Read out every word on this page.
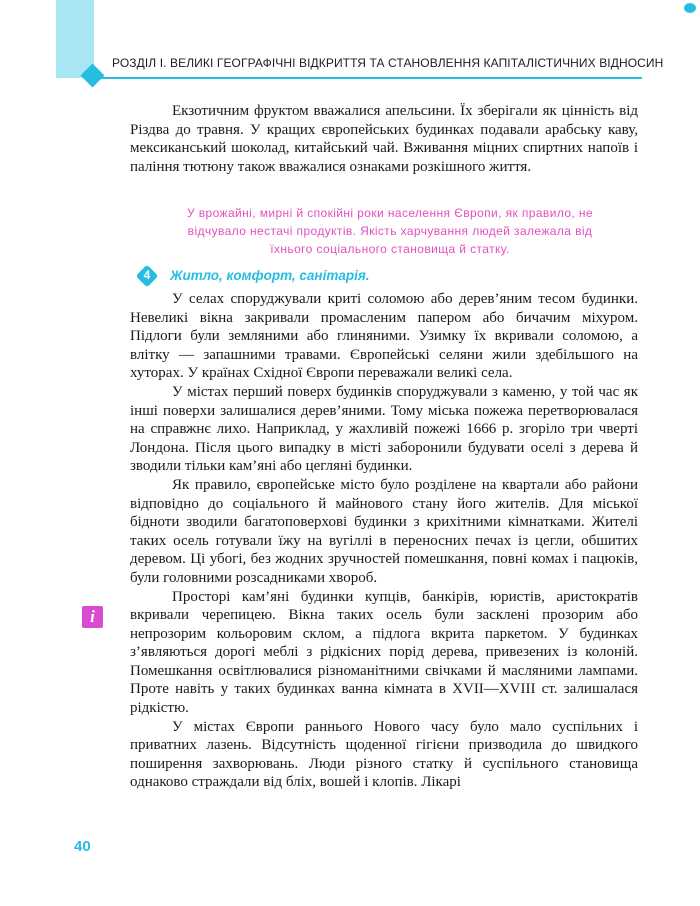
РОЗДІЛ І. ВЕЛИКІ ГЕОГРАФІЧНІ ВІДКРИТТЯ ТА СТАНОВЛЕННЯ КАПІТАЛІСТИЧНИХ ВІДНОСИН

Екзотичним фруктом вважалися апельсини. Їх зберігали як цінність від Різдва до травня. У кращих європейських будинках подавали арабську каву, мексиканський шоколад, китайський чай. Вживання міцних спиртних напоїв і паління тютюну також вважалися ознаками розкішного життя.

У врожайні, мирні й спокійні роки населення Європи, як правило, не відчувало нестачі продуктів. Якість харчування людей залежала від їхнього соціального становища й статку.
4	Житло, комфорт, санітарія.

У селах споруджували криті соломою або дерев’яним тесом будинки. Невеликі вікна закривали промасленим папером або бичачим міхуром. Підлоги були земляними або глиняними. Узимку їх вкривали соломою, а влітку — запашними травами. Європейські селяни жили здебільшого на хуторах. У країнах Східної Європи переважали великі села.

У містах перший поверх будинків споруджували з каменю, у той час як інші поверхи залишалися дерев’яними. Тому міська пожежа перетворювалася на справжнє лихо. Наприклад, у жахливій пожежі 1666 р. згоріло три чверті Лондона. Після цього випадку в місті заборонили будувати оселі з дерева й зводили тільки кам’яні або цегляні будинки.

Як правило, європейське місто було розділене на квартали або райони відповідно до соціального й майнового стану його жителів. Для міської бідноти зводили багатоповерхові будинки з крихітними кімнатками. Жителі таких осель готували їжу на вугіллі в переносних печах із цегли, обшитих деревом. Ці убогі, без жодних зручностей помешкання, повні комах і пацюків, були головними розсадниками хвороб.

Просторі кам’яні будинки купців, банкірів, юристів, аристократів вкривали черепицею. Вікна таких осель були засклені прозорим або непрозорим кольоровим склом, а підлога вкрита паркетом. У будинках з’являються дорогі меблі з рідкісних порід дерева, привезених із колоній. Помешкання освітлювалися різноманітними свічками й масляними лампами. Проте навіть у таких будинках ванна кімната в XVII—XVIII ст. залишалася рідкістю.

У містах Європи раннього Нового часу було мало суспільних і приватних лазень. Відсутність щоденної гігієни призводила до швидкого поширення захворювань. Люди різного статку й суспільного становища однаково страждали від бліх, вошей і клопів. Лікарі

i
40
